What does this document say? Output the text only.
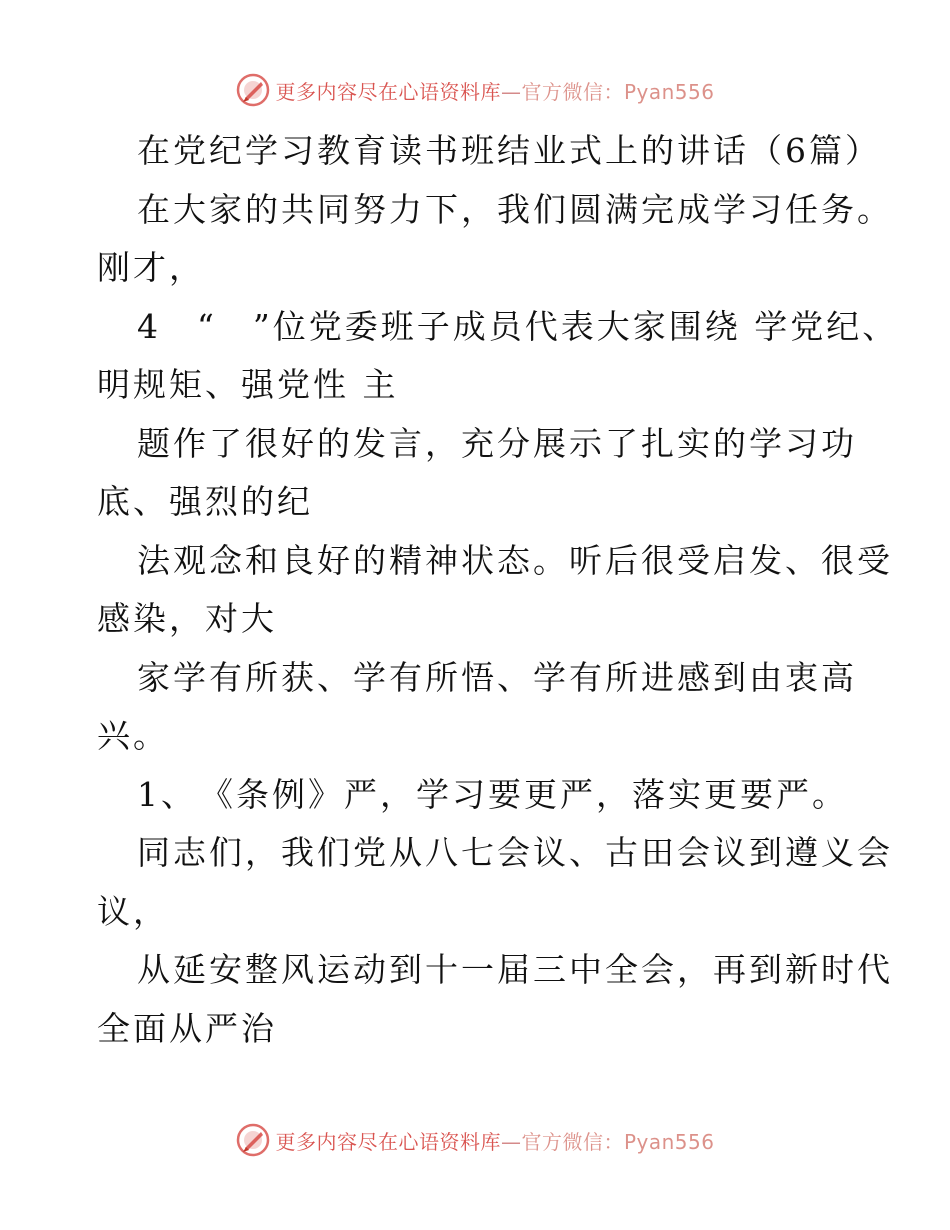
更多内容尽在心语资料库—官方微信：Pyan556
在党纪学习教育读书班结业式上的讲话（6篇）
在大家的共同努力下，我们圆满完成学习任务。
刚才，
4　“　”位党委班子成员代表大家围绕 学党纪、
明规矩、强党性 主
题作了很好的发言，充分展示了扎实的学习功
底、强烈的纪
法观念和良好的精神状态。听后很受启发、很受
感染，对大
家学有所获、学有所悟、学有所进感到由衷高
兴。
1、　《条例》严，学习要更严，落实更要严。
同志们，我们党从八七会议、古田会议到遵义会
议，
从延安整风运动到十一届三中全会，再到新时代
全面从严治
更多内容尽在心语资料库—官方微信：Pyan556
